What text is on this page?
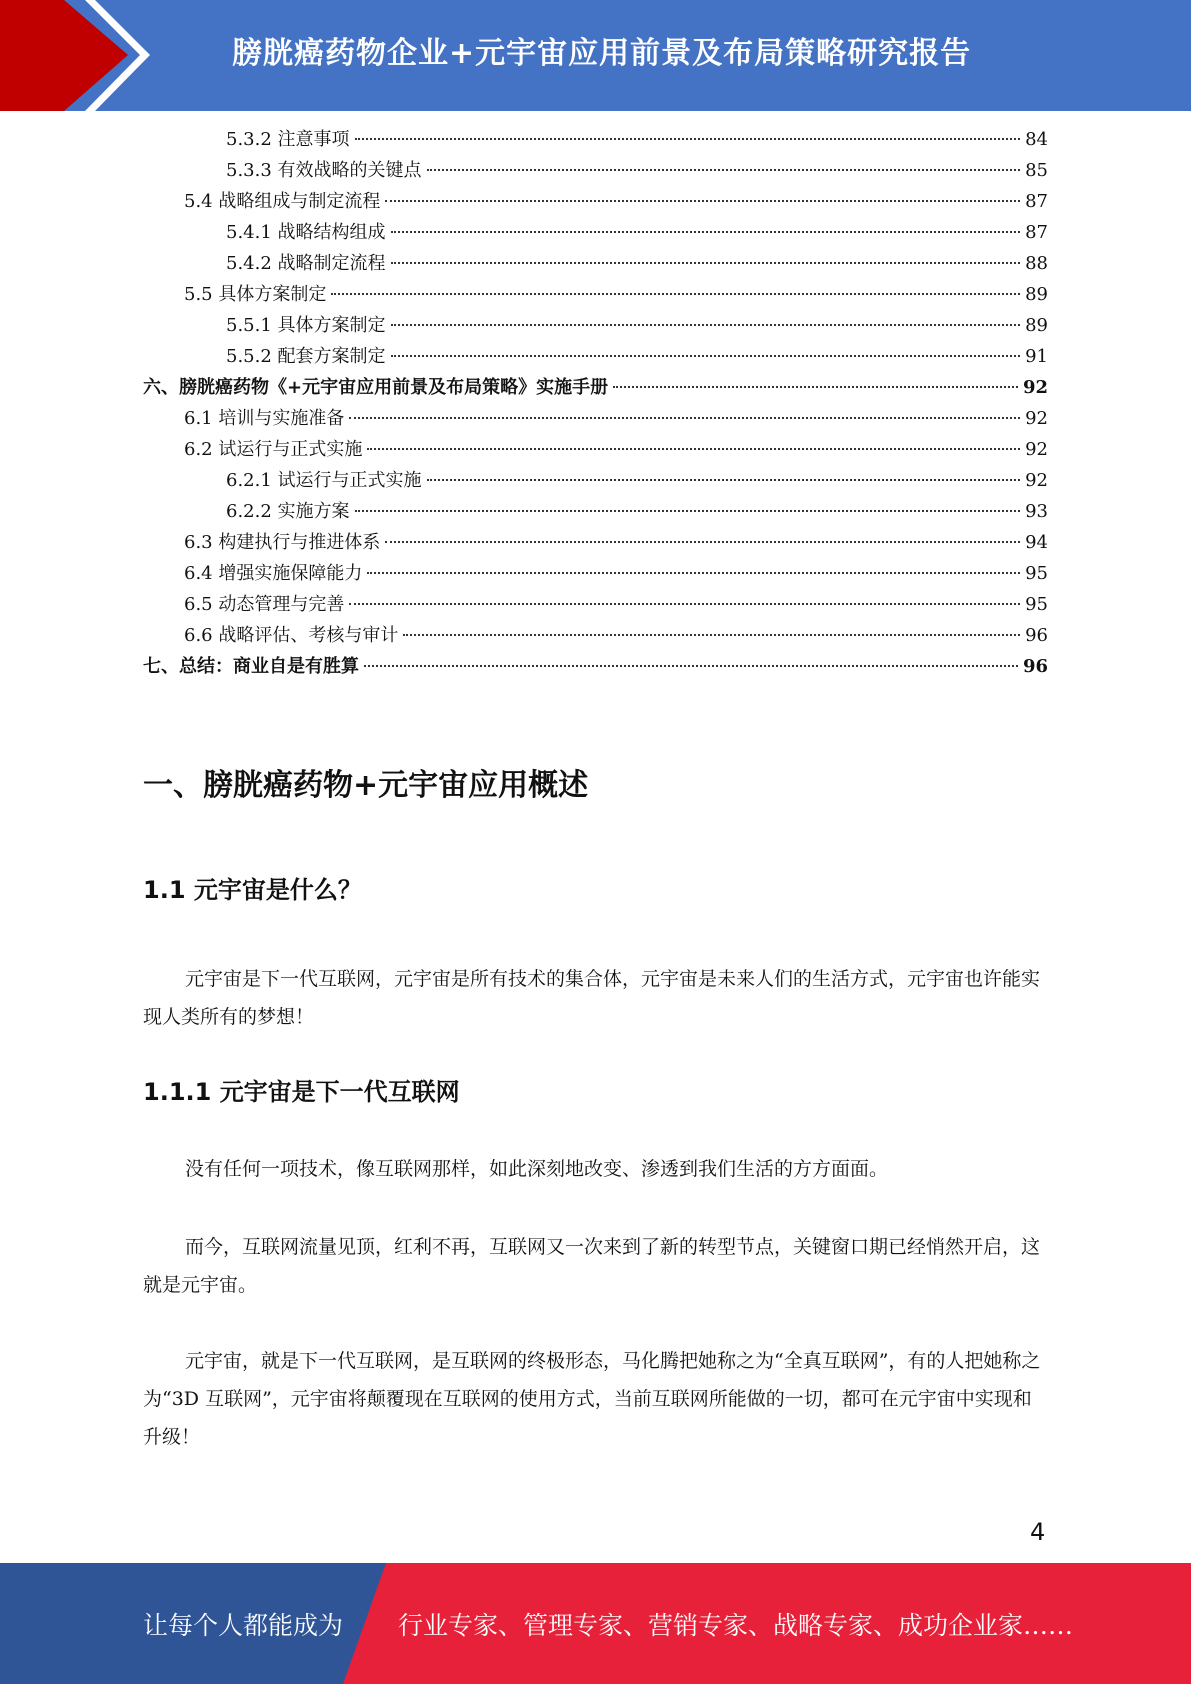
膀胱癌药物企业+元宇宙应用前景及布局策略研究报告
5.3.2 注意事项	84
5.3.3 有效战略的关键点	85
5.4 战略组成与制定流程	87
5.4.1 战略结构组成	87
5.4.2 战略制定流程	88
5.5 具体方案制定	89
5.5.1 具体方案制定	89
5.5.2 配套方案制定	91
六、膀胱癌药物《+元宇宙应用前景及布局策略》实施手册	92
6.1 培训与实施准备	92
6.2 试运行与正式实施	92
6.2.1 试运行与正式实施	92
6.2.2 实施方案	93
6.3 构建执行与推进体系	94
6.4 增强实施保障能力	95
6.5 动态管理与完善	95
6.6 战略评估、考核与审计	96
七、总结：商业自是有胜算	96
一、膀胱癌药物+元宇宙应用概述
1.1 元宇宙是什么？

元宇宙是下一代互联网，元宇宙是所有技术的集合体，元宇宙是未来人们的生活方式，元宇宙也许能实现人类所有的梦想！

1.1.1 元宇宙是下一代互联网

没有任何一项技术，像互联网那样，如此深刻地改变、渗透到我们生活的方方面面。

而今，互联网流量见顶，红利不再，互联网又一次来到了新的转型节点，关键窗口期已经悄然开启，这就是元宇宙。

元宇宙，就是下一代互联网，是互联网的终极形态，马化腾把她称之为“全真互联网”，有的人把她称之为“3D 互联网”，元宇宙将颠覆现在互联网的使用方式，当前互联网所能做的一切，都可在元宇宙中实现和升级！

4
让每个人都能成为 行业专家、管理专家、营销专家、战略专家、成功企业家……
